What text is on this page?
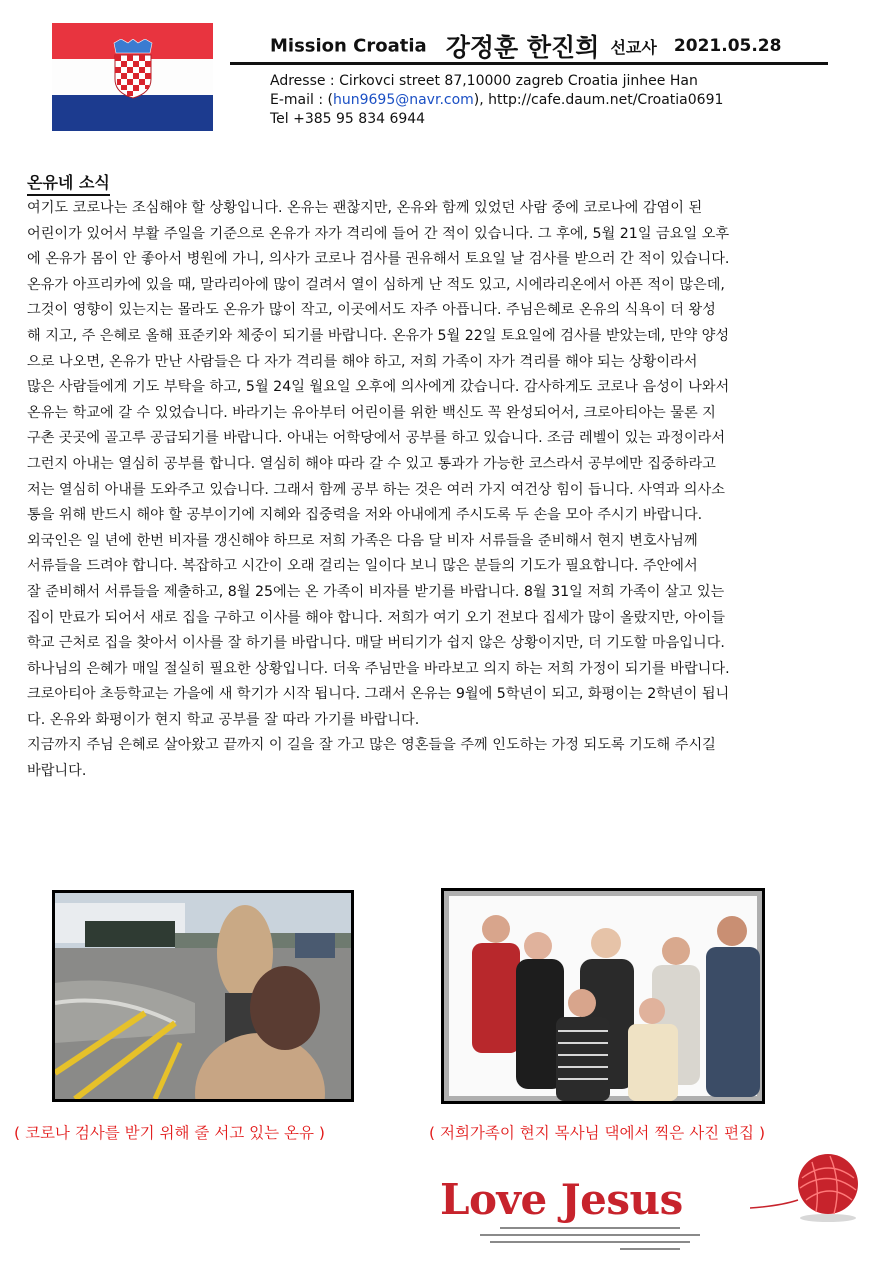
Mission Croatia 강정훈 한진희 선교사 2021.05.28
Adresse : Cirkovci street 87,10000 zagreb Croatia jinhee Han
E-mail : (hun9695@navr.com), http://cafe.daum.net/Croatia0691
Tel +385 95 834 6944
온유네 소식
여기도 코로나는 조심해야 할 상황입니다. 온유는 괜찮지만, 온유와 함께 있었던 사람 중에 코로나에 감염이 된
어린이가 있어서 부활 주일을 기준으로 온유가 자가 격리에 들어 간 적이 있습니다. 그 후에, 5월 21일 금요일 오후
에 온유가 몸이 안 좋아서 병원에 가니, 의사가 코로나 검사를 권유해서 토요일 날 검사를 받으러 간 적이 있습니다.
온유가 아프리카에 있을 때, 말라리아에 많이 걸려서 열이 심하게 난 적도 있고, 시에라리온에서 아픈 적이 많은데,
그것이 영향이 있는지는 몰라도 온유가 많이 작고, 이곳에서도 자주 아픕니다. 주님은혜로 온유의 식욕이 더 왕성
해 지고, 주 은혜로 올해 표준키와 체중이 되기를 바랍니다. 온유가 5월 22일 토요일에 검사를 받았는데, 만약 양성
으로 나오면, 온유가 만난 사람들은 다 자가 격리를 해야 하고, 저희 가족이 자가 격리를 해야 되는 상황이라서
많은 사람들에게 기도 부탁을 하고, 5월 24일 월요일 오후에 의사에게 갔습니다. 감사하게도 코로나 음성이 나와서
온유는 학교에 갈 수 있었습니다. 바라기는 유아부터 어린이를 위한 백신도 꼭 완성되어서, 크로아티아는 물론 지
구촌 곳곳에 골고루 공급되기를 바랍니다. 아내는 어학당에서 공부를 하고 있습니다. 조금 레벨이 있는 과정이라서
그런지 아내는 열심히 공부를 합니다. 열심히 해야 따라 갈 수 있고 통과가 가능한 코스라서 공부에만 집중하라고
저는 열심히 아내를 도와주고 있습니다. 그래서 함께 공부 하는 것은 여러 가지 여건상 힘이 듭니다. 사역과 의사소
통을 위해 반드시 해야 할 공부이기에 지혜와 집중력을 저와 아내에게 주시도록 두 손을 모아 주시기 바랍니다.
외국인은 일 년에 한번 비자를 갱신해야 하므로 저희 가족은 다음 달 비자 서류들을 준비해서 현지 변호사님께
서류들을 드려야 합니다. 복잡하고 시간이 오래 걸리는 일이다 보니 많은 분들의 기도가 필요합니다. 주안에서
잘 준비해서 서류들을 제출하고, 8월 25에는 온 가족이 비자를 받기를 바랍니다. 8월 31일 저희 가족이 살고 있는
집이 만료가 되어서 새로 집을 구하고 이사를 해야 합니다. 저희가 여기 오기 전보다 집세가 많이 올랐지만, 아이들
학교 근처로 집을 찾아서 이사를 잘 하기를 바랍니다. 매달 버티기가 쉽지 않은 상황이지만, 더 기도할 마음입니다.
하나님의 은혜가 매일 절실히 필요한 상황입니다. 더욱 주님만을 바라보고 의지 하는 저희 가정이 되기를 바랍니다.
크로아티아 초등학교는 가을에 새 학기가 시작 됩니다. 그래서 온유는 9월에 5학년이 되고, 화평이는 2학년이 됩니
다. 온유와 화평이가 현지 학교 공부를 잘 따라 가기를 바랍니다.
지금까지 주님 은혜로 살아왔고 끝까지 이 길을 잘 가고 많은 영혼들을 주께 인도하는 가정 되도록 기도해 주시길
바랍니다.
( 코로나 검사를 받기 위해 줄 서고 있는 온유 )	( 저희가족이 현지 목사님 댁에서 찍은 사진 편집 )
Love Jesus
